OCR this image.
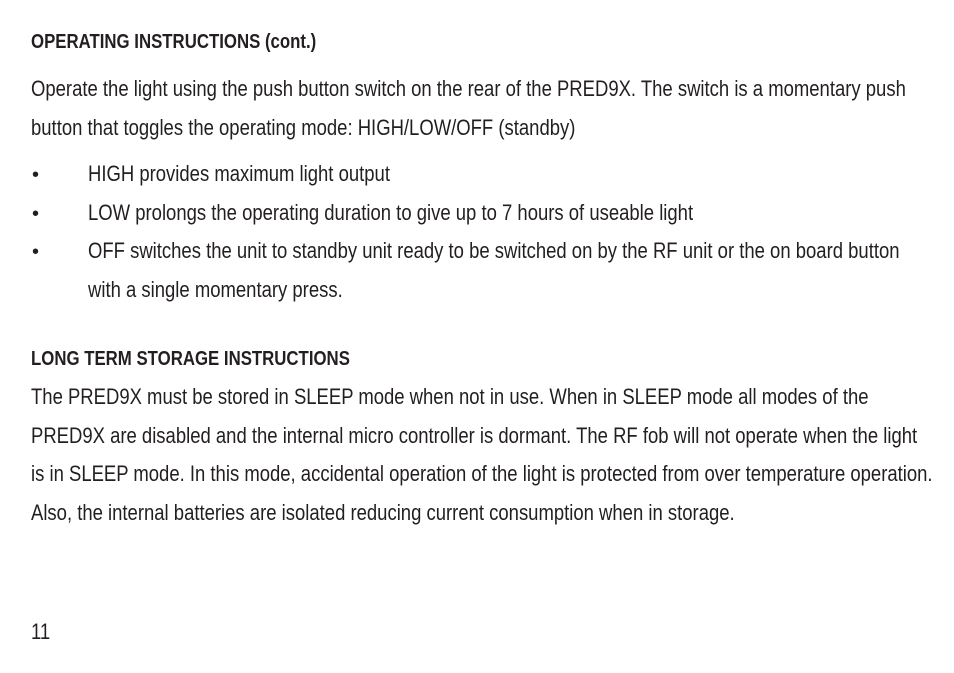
OPERATING INSTRUCTIONS (cont.)
Operate the light using the push button switch on the rear of the PRED9X. The switch is a momentary push button that toggles the operating mode: HIGH/LOW/OFF (standby)
• HIGH provides maximum light output
• LOW prolongs the operating duration to give up to 7 hours of useable light
• OFF switches the unit to standby unit ready to be switched on by the RF unit or the on board button with a single momentary press.
LONG TERM STORAGE INSTRUCTIONS
The PRED9X must be stored in SLEEP mode when not in use. When in SLEEP mode all modes of the PRED9X are disabled and the internal micro controller is dormant. The RF fob will not operate when the light is in SLEEP mode. In this mode, accidental operation of the light is protected from over temperature operation. Also, the internal batteries are isolated reducing current consumption when in storage.
11
